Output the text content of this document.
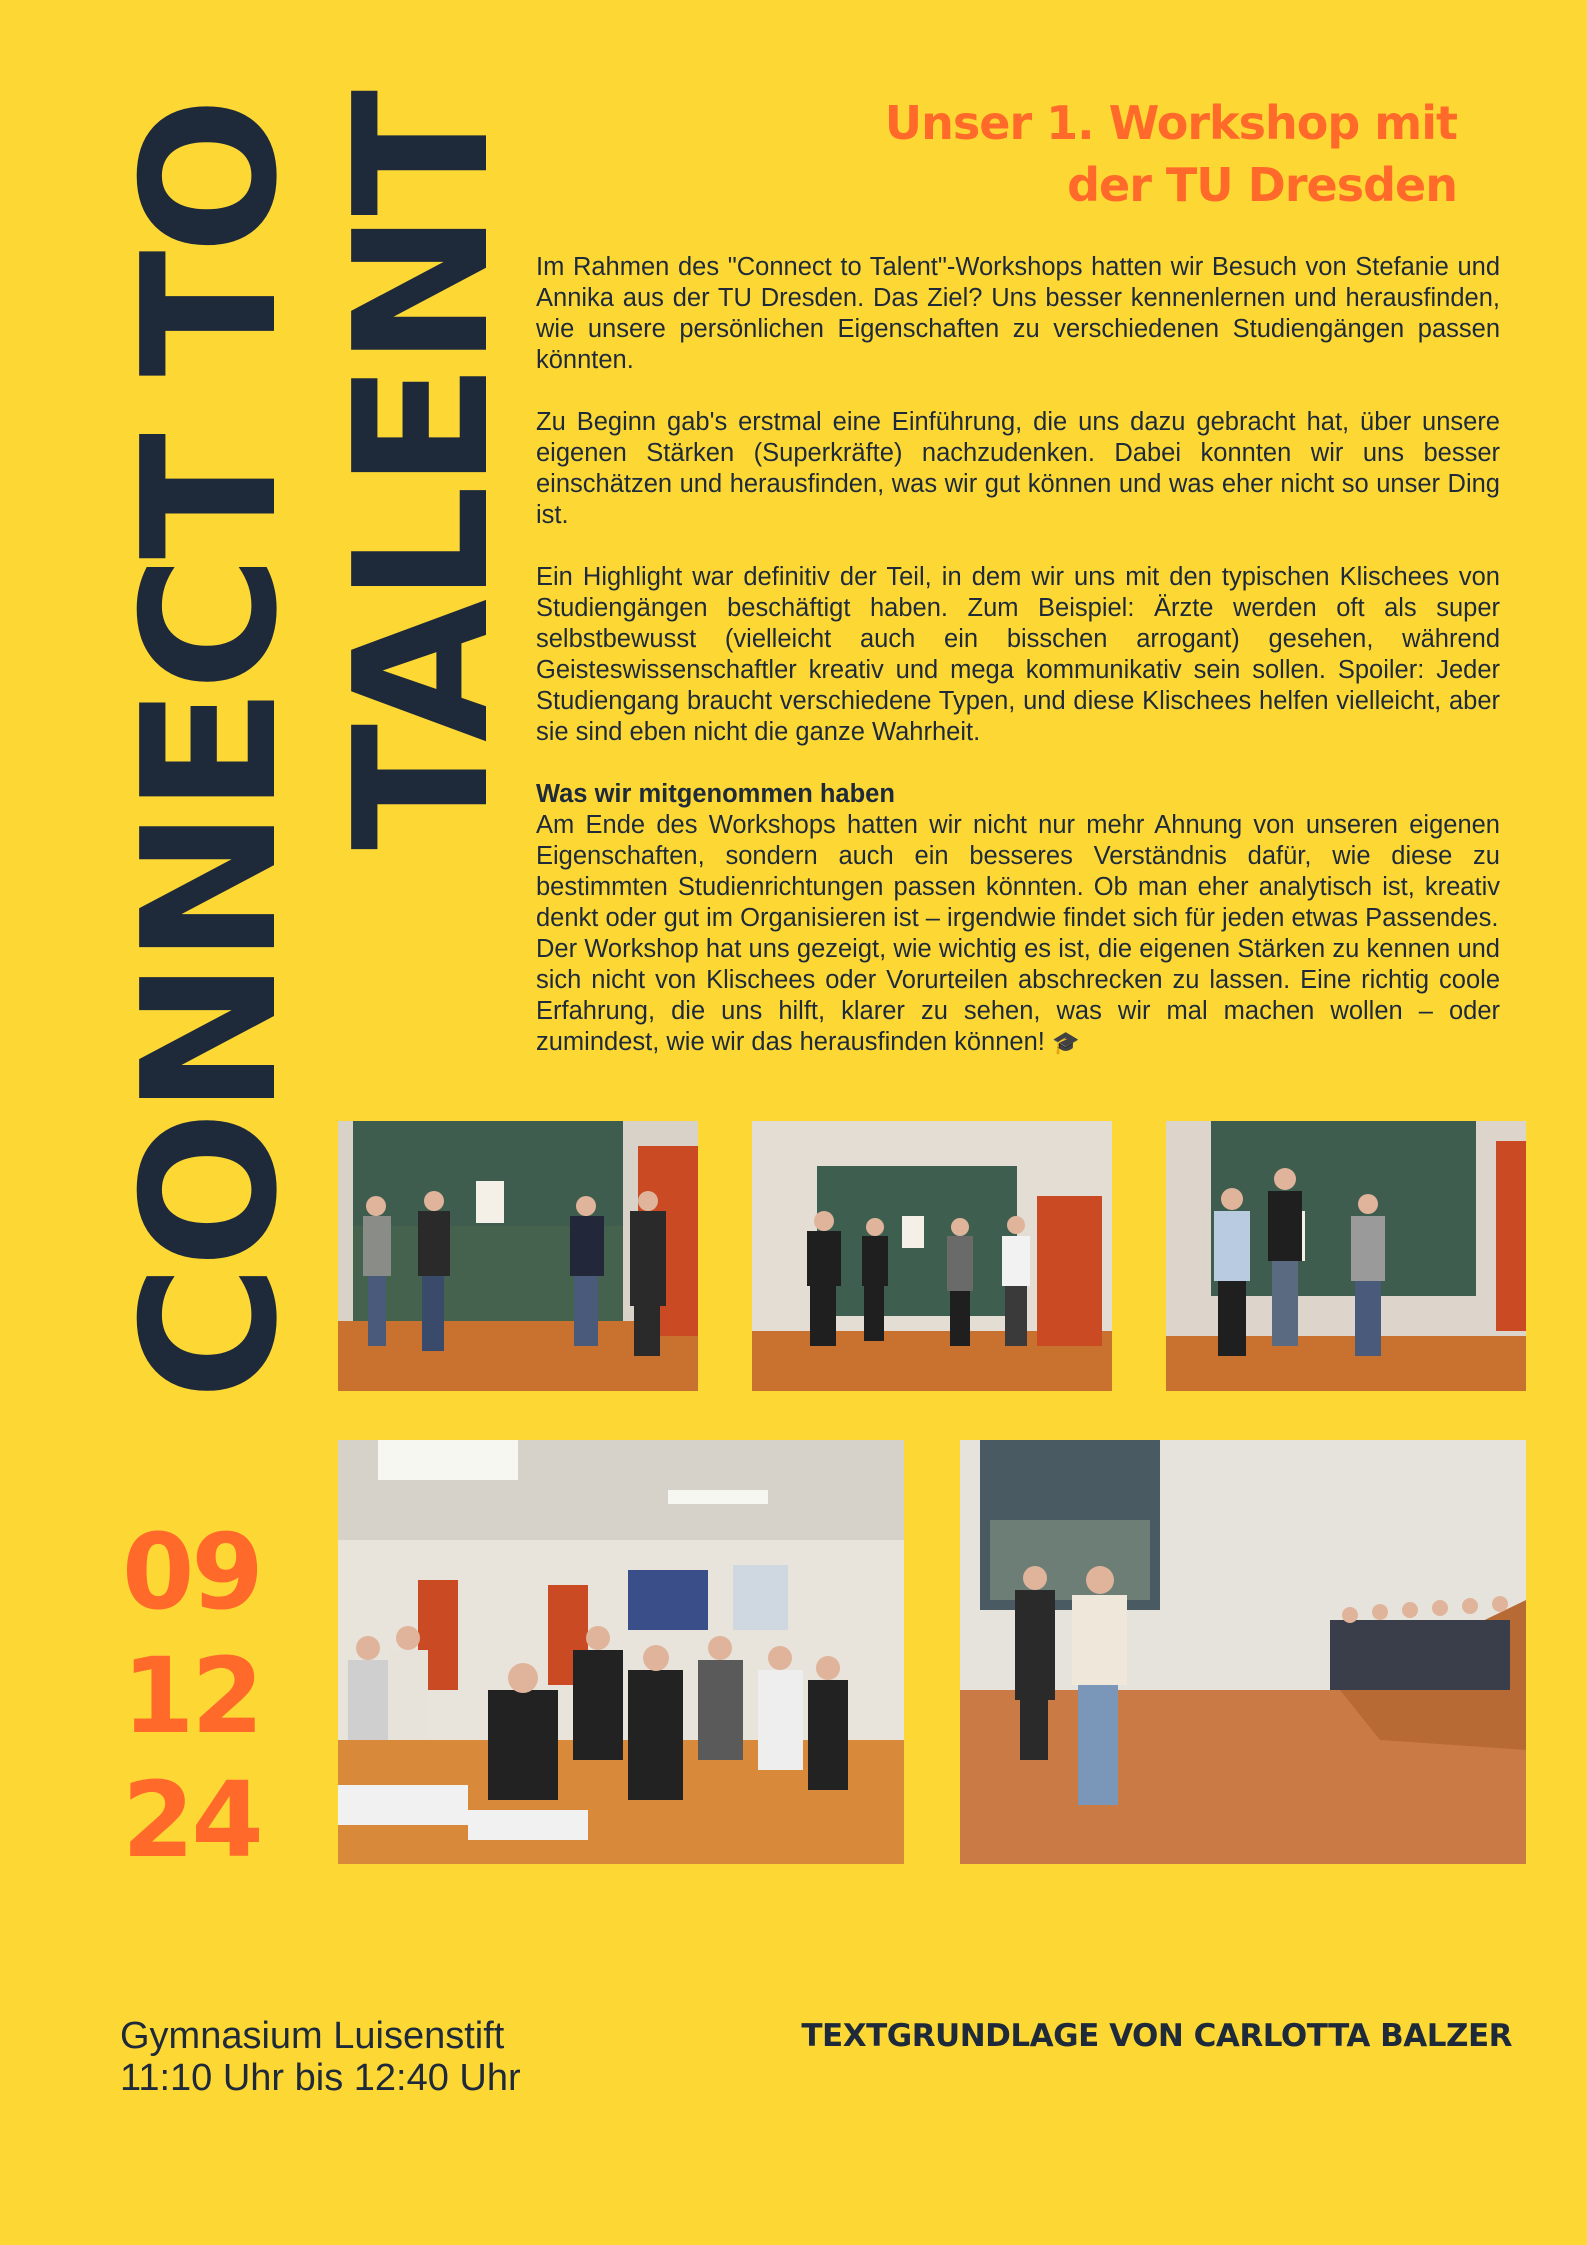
CONNECT TO
TALENT	Unser 1. Workshop mit
der TU Dresden

Im Rahmen des "Connect to Talent"-Workshops hatten wir Besuch von Stefanie und Annika aus der TU Dresden. Das Ziel? Uns besser kennenlernen und herausfinden, wie unsere persönlichen Eigenschaften zu verschiedenen Studiengängen passen könnten.

Zu Beginn gab's erstmal eine Einführung, die uns dazu gebracht hat, über unsere eigenen Stärken (Superkräfte) nachzudenken. Dabei konnten wir uns besser einschätzen und herausfinden, was wir gut können und was eher nicht so unser Ding ist.

Ein Highlight war definitiv der Teil, in dem wir uns mit den typischen Klischees von Studiengängen beschäftigt haben. Zum Beispiel: Ärzte werden oft als super selbstbewusst (vielleicht auch ein bisschen arrogant) gesehen, während Geisteswissenschaftler kreativ und mega kommunikativ sein sollen. Spoiler: Jeder Studiengang braucht verschiedene Typen, und diese Klischees helfen vielleicht, aber sie sind eben nicht die ganze Wahrheit.

Was wir mitgenommen haben

Am Ende des Workshops hatten wir nicht nur mehr Ahnung von unseren eigenen Eigenschaften, sondern auch ein besseres Verständnis dafür, wie diese zu bestimmten Studienrichtungen passen könnten. Ob man eher analytisch ist, kreativ denkt oder gut im Organisieren ist – irgendwie findet sich für jeden etwas Passendes.

Der Workshop hat uns gezeigt, wie wichtig es ist, die eigenen Stärken zu kennen und sich nicht von Klischees oder Vorurteilen abschrecken zu lassen. Eine richtig coole Erfahrung, die uns hilft, klarer zu sehen, was wir mal machen wollen – oder zumindest, wie wir das herausfinden können! 🎓

09
12
24
Gymnasium Luisenstift
11:10 Uhr bis 12:40 Uhr
TEXTGRUNDLAGE VON CARLOTTA BALZER
